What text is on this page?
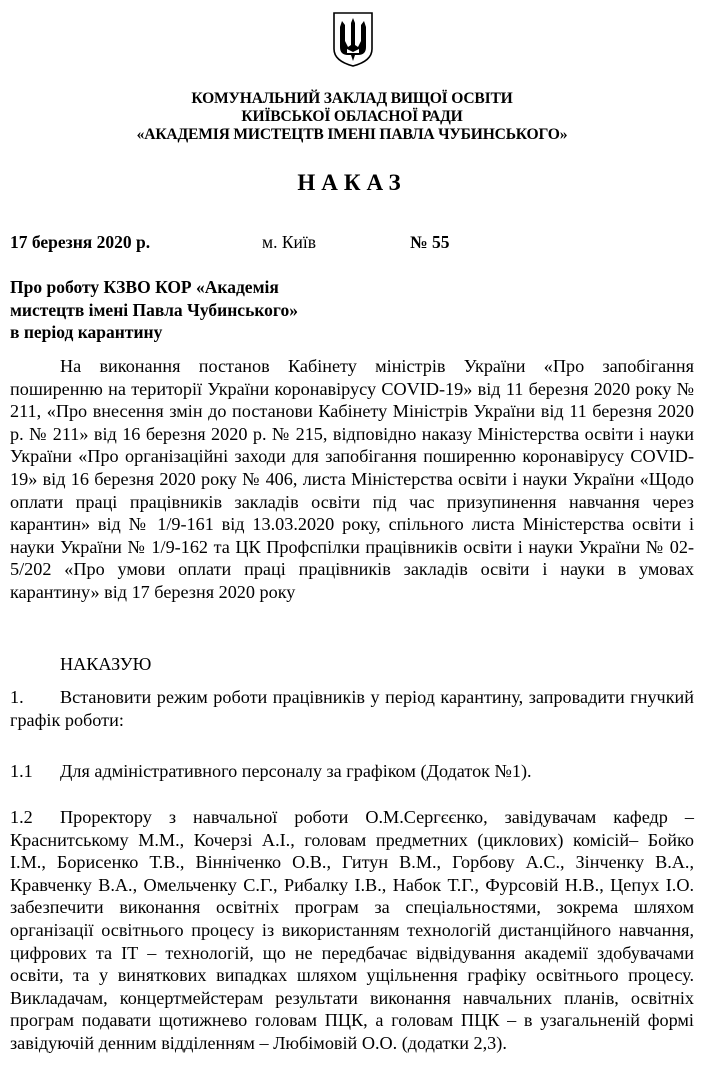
КОМУНАЛЬНИЙ ЗАКЛАД ВИЩОЇ ОСВІТИ
КИЇВСЬКОЇ ОБЛАСНОЇ РАДИ
«АКАДЕМІЯ МИСТЕЦТВ ІМЕНІ ПАВЛА ЧУБИНСЬКОГО»
НАКАЗ
17 березня 2020 р.	м. Київ	№ 55
Про роботу КЗВО КОР «Академія
мистецтв імені Павла Чубинського»
в період карантину
На виконання постанов Кабінету міністрів України «Про запобігання поширенню на території України коронавірусу COVID-19» від 11 березня 2020 року № 211, «Про внесення змін до постанови Кабінету Міністрів України від 11 березня 2020 р. № 211» від 16 березня 2020 р. № 215, відповідно наказу Міністерства освіти і науки України «Про організаційні заходи для запобігання поширенню коронавірусу COVID-19» від 16 березня 2020 року № 406, листа Міністерства освіти і науки України «Щодо оплати праці працівників закладів освіти під час призупинення навчання через карантин» від № 1/9-161 від 13.03.2020 року, спільного листа Міністерства освіти і науки України № 1/9-162 та ЦК Профспілки працівників освіти і науки України № 02-5/202 «Про умови оплати праці працівників закладів освіти і науки в умовах карантину» від 17 березня 2020 року
НАКАЗУЮ
1. Встановити режим роботи працівників у період карантину, запровадити гнучкий графік роботи:
1.1 Для адміністративного персоналу за графіком (Додаток №1).
1.2 Проректору з навчальної роботи О.М.Сергєєнко, завідувачам кафедр – Краснитському М.М., Кочерзі А.І., головам предметних (циклових) комісій– Бойко І.М., Борисенко Т.В., Вінніченко О.В., Гитун В.М., Горбову А.С., Зінченку В.А., Кравченку В.А., Омельченку С.Г., Рибалку І.В., Набок Т.Г., Фурсовій Н.В., Цепух І.О. забезпечити виконання освітніх програм за спеціальностями, зокрема шляхом організації освітнього процесу із використанням технологій дистанційного навчання, цифрових та ІТ – технологій, що не передбачає відвідування академії здобувачами освіти, та у виняткових випадках шляхом ущільнення графіку освітнього процесу. Викладачам, концертмейстерам результати виконання навчальних планів, освітніх програм подавати щотижнево головам ПЦК, а головам ПЦК – в узагальненій формі завідуючій денним відділенням – Любімовій О.О. (додатки 2,3).
